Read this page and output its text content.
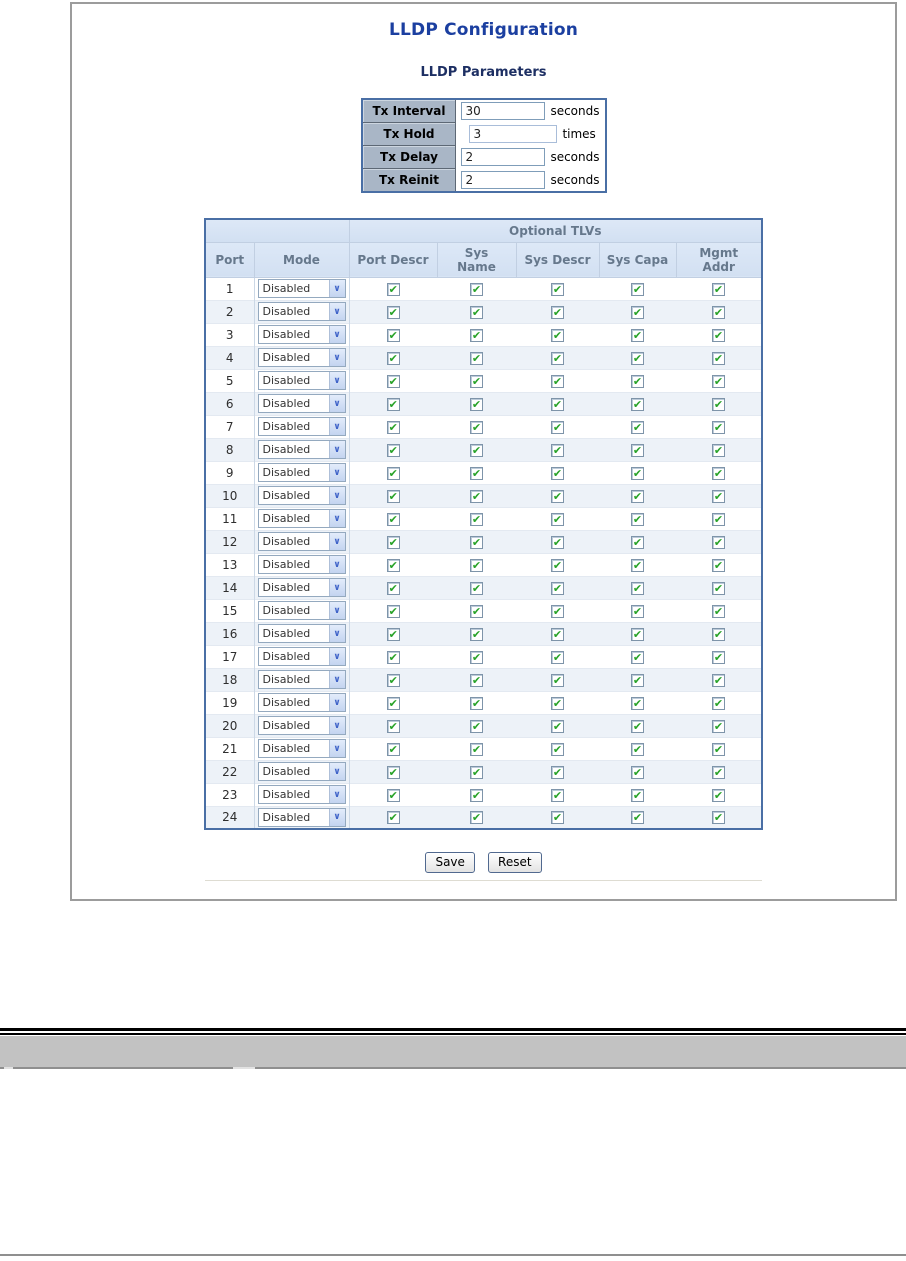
LLDP Configuration
LLDP Parameters
Tx Interval	30seconds
Tx Hold	3times
Tx Delay	2seconds
Tx Reinit	2seconds
		Optional TLVs				
Port	Mode	Port Descr	Sys Name	Sys Descr	Sys Capa	Mgmt Addr
1	Disabled ∨	✔	✔	✔	✔	✔
2	Disabled ∨	✔	✔	✔	✔	✔
3	Disabled ∨	✔	✔	✔	✔	✔
4	Disabled ∨	✔	✔	✔	✔	✔
5	Disabled ∨	✔	✔	✔	✔	✔
6	Disabled ∨	✔	✔	✔	✔	✔
7	Disabled ∨	✔	✔	✔	✔	✔
8	Disabled ∨	✔	✔	✔	✔	✔
9	Disabled ∨	✔	✔	✔	✔	✔
10	Disabled ∨	✔	✔	✔	✔	✔
11	Disabled ∨	✔	✔	✔	✔	✔
12	Disabled ∨	✔	✔	✔	✔	✔
13	Disabled ∨	✔	✔	✔	✔	✔
14	Disabled ∨	✔	✔	✔	✔	✔
15	Disabled ∨	✔	✔	✔	✔	✔
16	Disabled ∨	✔	✔	✔	✔	✔
17	Disabled ∨	✔	✔	✔	✔	✔
18	Disabled ∨	✔	✔	✔	✔	✔
19	Disabled ∨	✔	✔	✔	✔	✔
20	Disabled ∨	✔	✔	✔	✔	✔
21	Disabled ∨	✔	✔	✔	✔	✔
22	Disabled ∨	✔	✔	✔	✔	✔
23	Disabled ∨	✔	✔	✔	✔	✔
24	Disabled ∨	✔	✔	✔	✔	✔
Save	Reset
